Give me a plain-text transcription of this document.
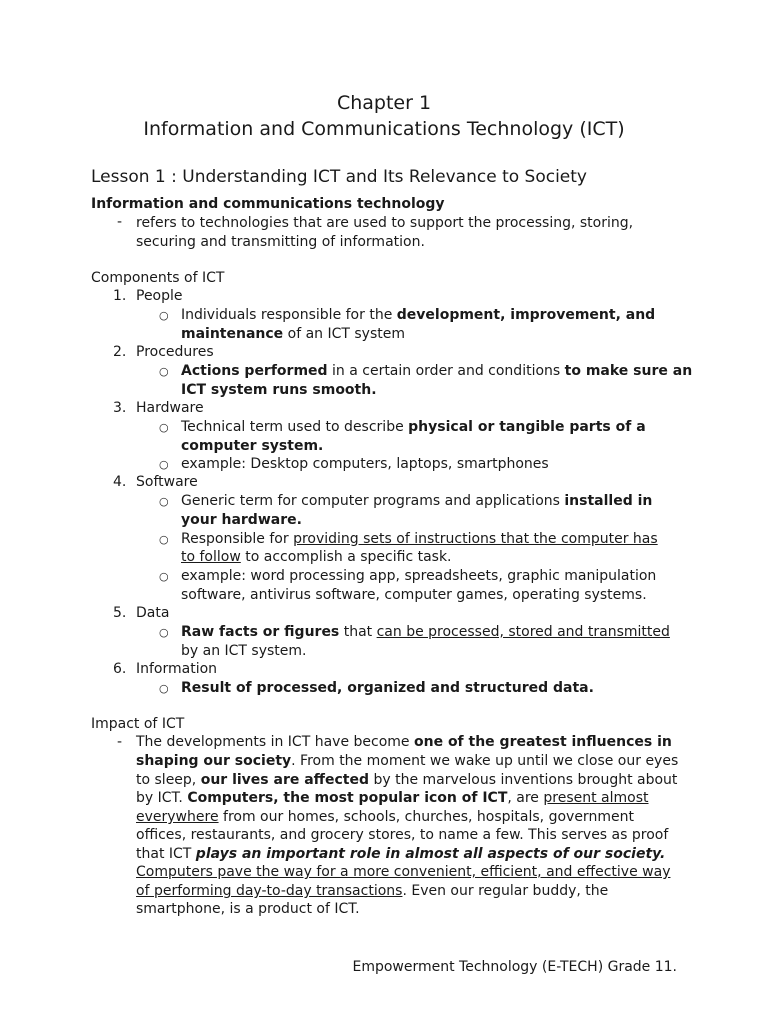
Chapter 1
Information and Communications Technology (ICT)
Lesson 1 : Understanding ICT and Its Relevance to Society
Information and communications technology
- refers to technologies that are used to support the processing, storing,
securing and transmitting of information.
Components of ICT
1. People
○ Individuals responsible for the development, improvement, and
maintenance of an ICT system
2. Procedures
○ Actions performed in a certain order and conditions to make sure an
ICT system runs smooth.
3. Hardware
○ Technical term used to describe physical or tangible parts of a
computer system.
○ example: Desktop computers, laptops, smartphones
4. Software
○ Generic term for computer programs and applications installed in
your hardware.
○ Responsible for providing sets of instructions that the computer has
to follow to accomplish a specific task.
○ example: word processing app, spreadsheets, graphic manipulation
software, antivirus software, computer games, operating systems.
5. Data
○ Raw facts or figures that can be processed, stored and transmitted
by an ICT system.
6. Information
○ Result of processed, organized and structured data.
Impact of ICT
- The developments in ICT have become one of the greatest influences in
shaping our society. From the moment we wake up until we close our eyes
to sleep, our lives are affected by the marvelous inventions brought about
by ICT. Computers, the most popular icon of ICT, are present almost
everywhere from our homes, schools, churches, hospitals, government
offices, restaurants, and grocery stores, to name a few. This serves as proof
that ICT plays an important role in almost all aspects of our society.
Computers pave the way for a more convenient, efficient, and effective way
of performing day-to-day transactions. Even our regular buddy, the
smartphone, is a product of ICT.
Empowerment Technology (E-TECH) Grade 11.
